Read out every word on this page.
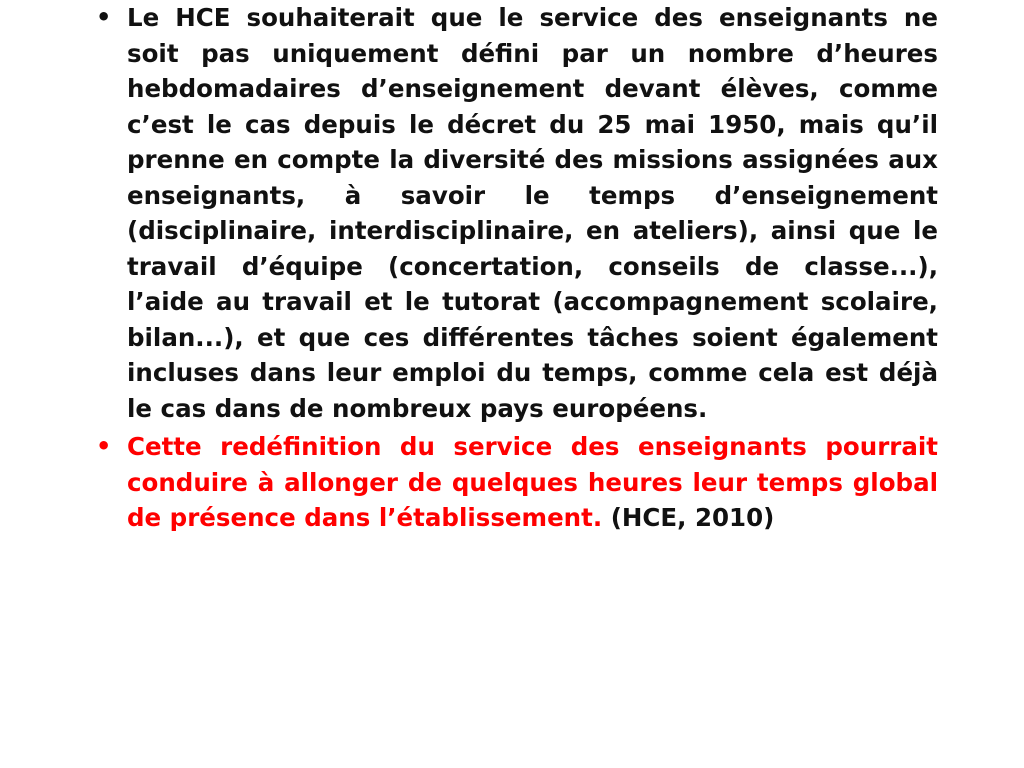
• Le HCE souhaiterait que le service des enseignants ne soit pas uniquement défini par un nombre d’heures hebdomadaires d’enseignement devant élèves, comme c’est le cas depuis le décret du 25 mai 1950, mais qu’il prenne en compte la diversité des missions assignées aux enseignants, à savoir le temps d’enseignement (disciplinaire, interdisciplinaire, en ateliers), ainsi que le travail d’équipe (concertation, conseils de classe...), l’aide au travail et le tutorat (accompagnement scolaire, bilan...), et que ces différentes tâches soient également incluses dans leur emploi du temps, comme cela est déjà le cas dans de nombreux pays européens.
• Cette redéfinition du service des enseignants pourrait conduire à allonger de quelques heures leur temps global de présence dans l’établissement. (HCE, 2010)
